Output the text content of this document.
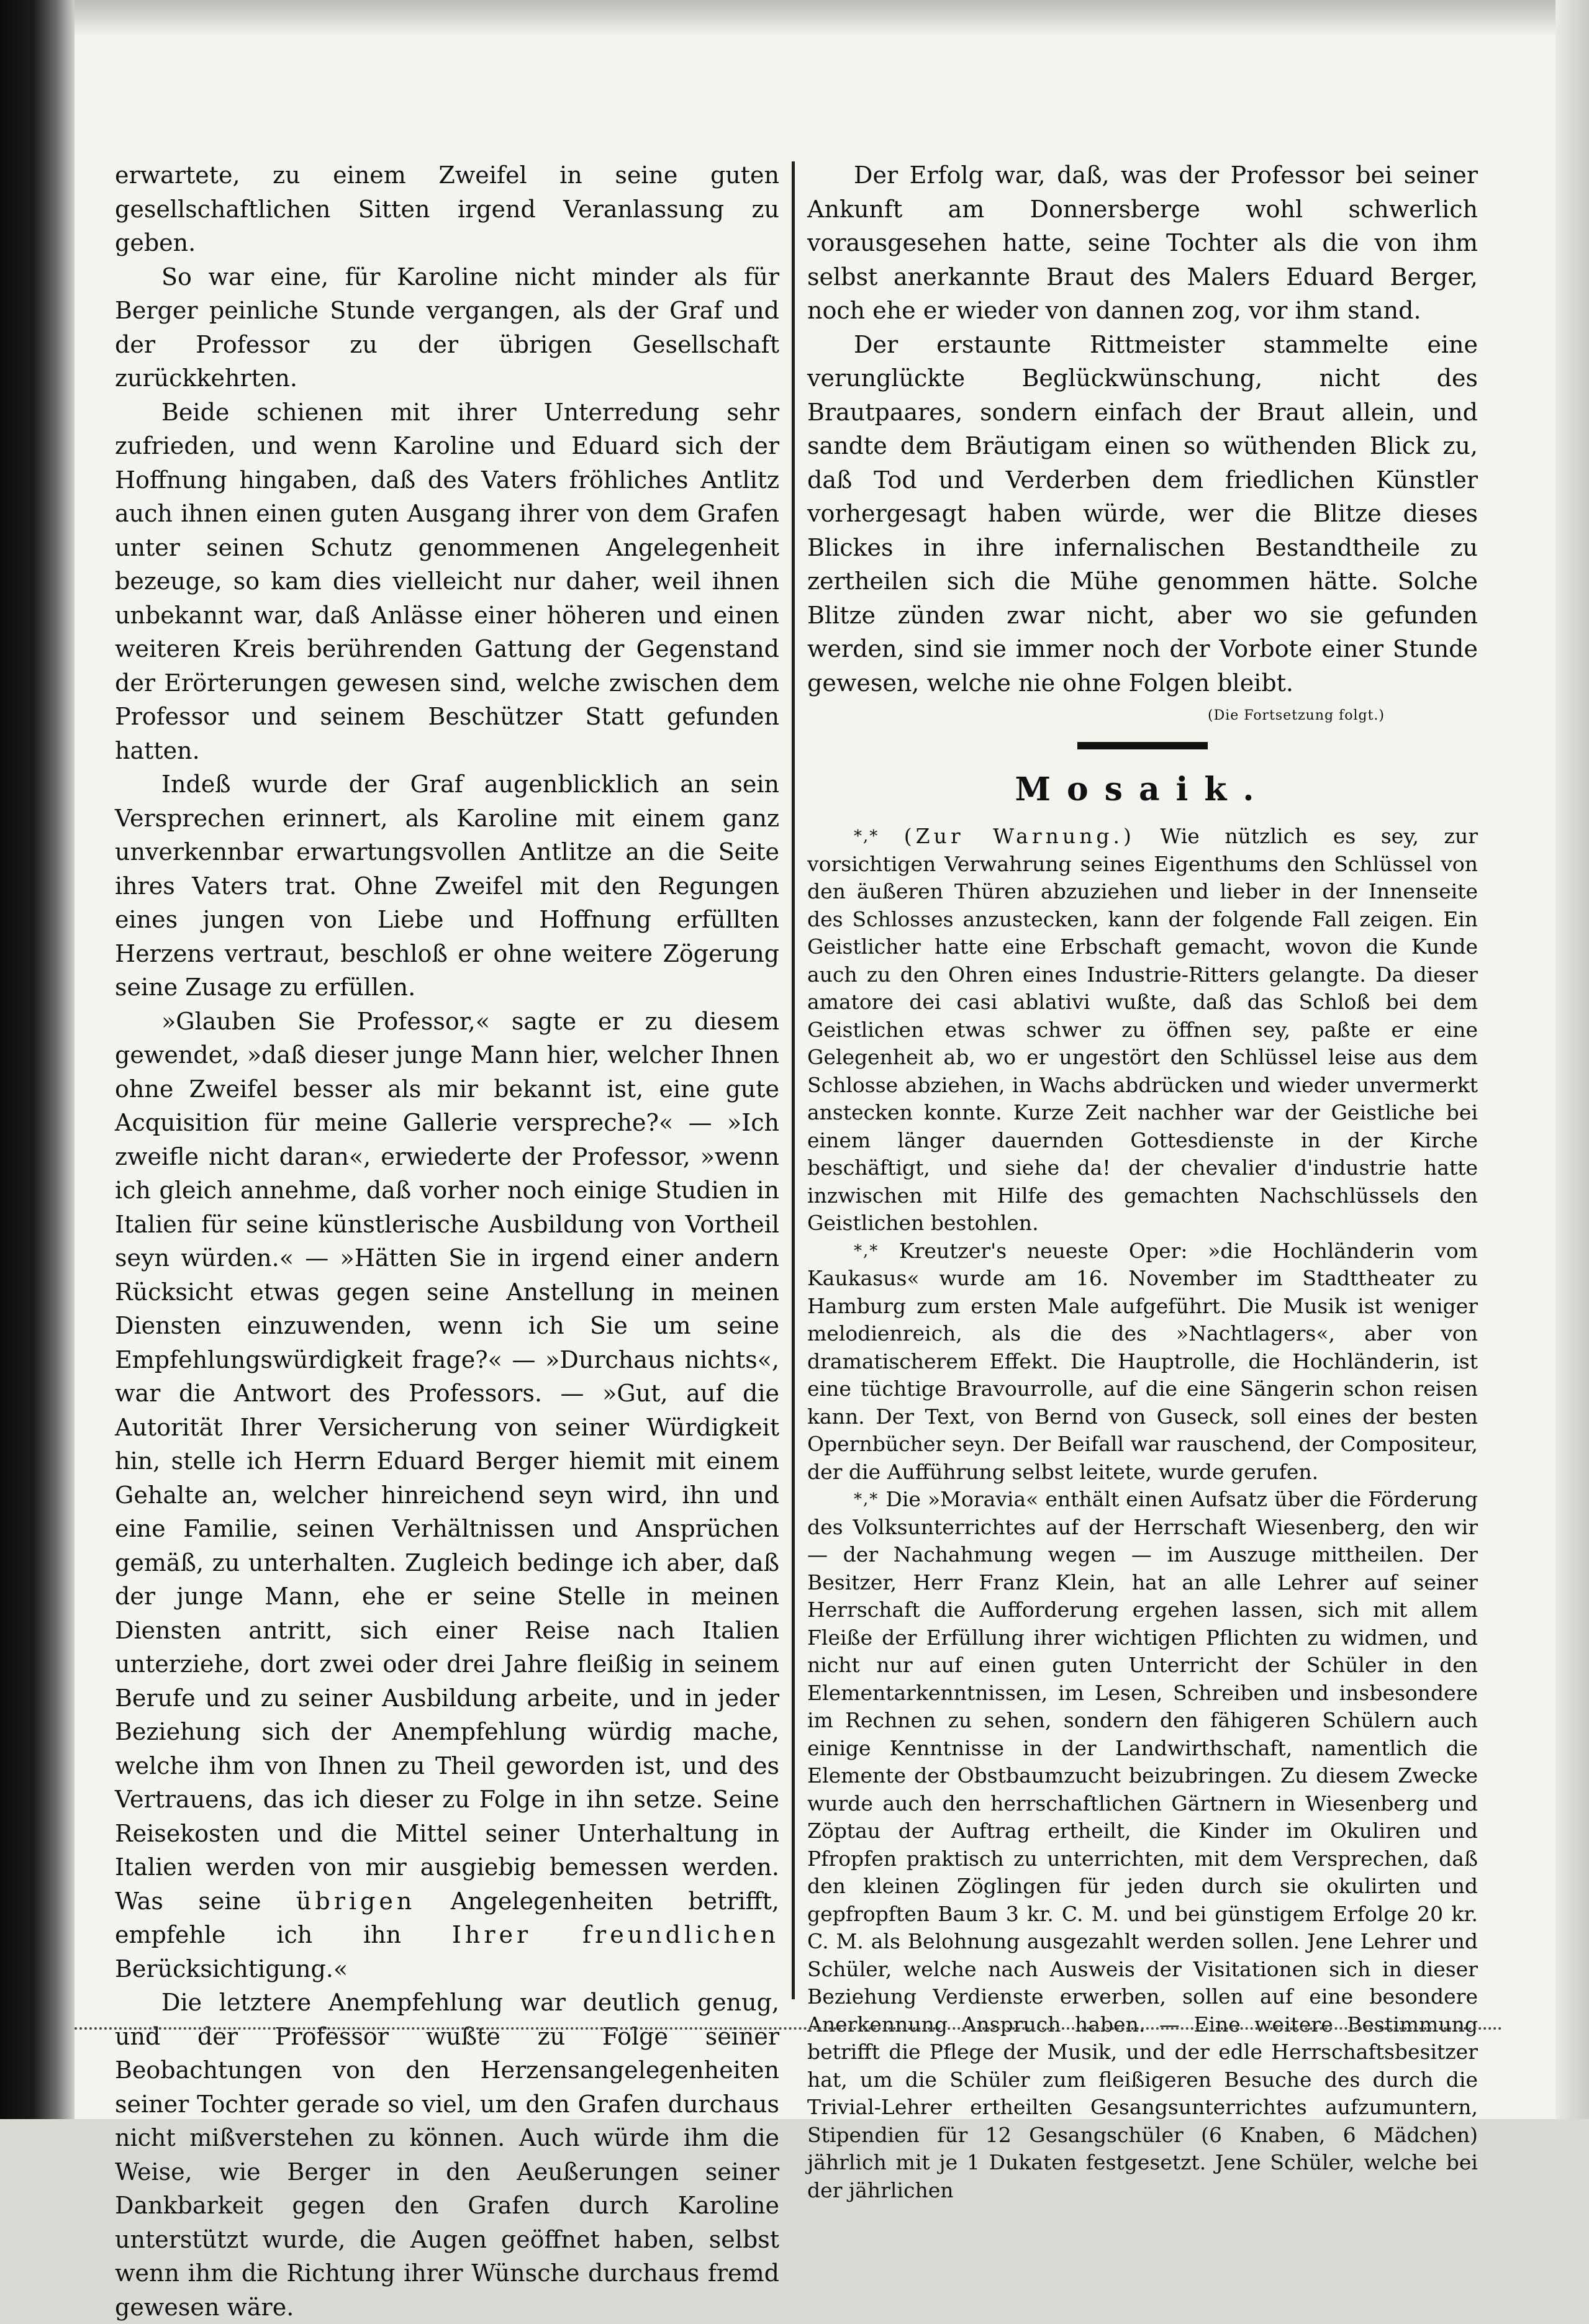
erwartete, zu einem Zweifel in seine guten gesellschaftlichen Sitten irgend Veranlassung zu geben.

So war eine, für Karoline nicht minder als für Berger peinliche Stunde vergangen, als der Graf und der Professor zu der übrigen Gesellschaft zurückkehrten.

Beide schienen mit ihrer Unterredung sehr zufrieden, und wenn Karoline und Eduard sich der Hoffnung hingaben, daß des Vaters fröhliches Antlitz auch ihnen einen guten Ausgang ihrer von dem Grafen unter seinen Schutz genommenen Angelegenheit bezeuge, so kam dies vielleicht nur daher, weil ihnen unbekannt war, daß Anlässe einer höheren und einen weiteren Kreis berührenden Gattung der Gegenstand der Erörterungen gewesen sind, welche zwischen dem Professor und seinem Beschützer Statt gefunden hatten.

Indeß wurde der Graf augenblicklich an sein Versprechen erinnert, als Karoline mit einem ganz unverkennbar erwartungsvollen Antlitze an die Seite ihres Vaters trat. Ohne Zweifel mit den Regungen eines jungen von Liebe und Hoffnung erfüllten Herzens vertraut, beschloß er ohne weitere Zögerung seine Zusage zu erfüllen.

»Glauben Sie Professor,« sagte er zu diesem gewendet, »daß dieser junge Mann hier, welcher Ihnen ohne Zweifel besser als mir bekannt ist, eine gute Acquisition für meine Gallerie verspreche?« — »Ich zweifle nicht daran«, erwiederte der Professor, »wenn ich gleich annehme, daß vorher noch einige Studien in Italien für seine künstlerische Ausbildung von Vortheil seyn würden.« — »Hätten Sie in irgend einer andern Rücksicht etwas gegen seine Anstellung in meinen Diensten einzuwenden, wenn ich Sie um seine Empfehlungswürdigkeit frage?« — »Durchaus nichts«, war die Antwort des Professors. — »Gut, auf die Autorität Ihrer Versicherung von seiner Würdigkeit hin, stelle ich Herrn Eduard Berger hiemit mit einem Gehalte an, welcher hinreichend seyn wird, ihn und eine Familie, seinen Verhältnissen und Ansprüchen gemäß, zu unterhalten. Zugleich bedinge ich aber, daß der junge Mann, ehe er seine Stelle in meinen Diensten antritt, sich einer Reise nach Italien unterziehe, dort zwei oder drei Jahre fleißig in seinem Berufe und zu seiner Ausbildung arbeite, und in jeder Beziehung sich der Anempfehlung würdig mache, welche ihm von Ihnen zu Theil geworden ist, und des Vertrauens, das ich dieser zu Folge in ihn setze. Seine Reisekosten und die Mittel seiner Unterhaltung in Italien werden von mir ausgiebig bemessen werden. Was seine übrigen Angelegenheiten betrifft, empfehle ich ihn Ihrer freundlichen Berücksichtigung.«

Die letztere Anempfehlung war deutlich genug, und der Professor wußte zu Folge seiner Beobachtungen von den Herzensangelegenheiten seiner Tochter gerade so viel, um den Grafen durchaus nicht mißverstehen zu können. Auch würde ihm die Weise, wie Berger in den Aeußerungen seiner Dankbarkeit gegen den Grafen durch Karoline unterstützt wurde, die Augen geöffnet haben, selbst wenn ihm die Richtung ihrer Wünsche durchaus fremd gewesen wäre.

Der Erfolg war, daß, was der Professor bei seiner Ankunft am Donnersberge wohl schwerlich vorausgesehen hatte, seine Tochter als die von ihm selbst anerkannte Braut des Malers Eduard Berger, noch ehe er wieder von dannen zog, vor ihm stand.

Der erstaunte Rittmeister stammelte eine verunglückte Beglückwünschung, nicht des Brautpaares, sondern einfach der Braut allein, und sandte dem Bräutigam einen so wüthenden Blick zu, daß Tod und Verderben dem friedlichen Künstler vorhergesagt haben würde, wer die Blitze dieses Blickes in ihre infernalischen Bestandtheile zu zertheilen sich die Mühe genommen hätte. Solche Blitze zünden zwar nicht, aber wo sie gefunden werden, sind sie immer noch der Vorbote einer Stunde gewesen, welche nie ohne Folgen bleibt.

(Die Fortsetzung folgt.)
Mosaik.

*,* (Zur Warnung.) Wie nützlich es sey, zur vorsichtigen Verwahrung seines Eigenthums den Schlüssel von den äußeren Thüren abzuziehen und lieber in der Innenseite des Schlosses anzustecken, kann der folgende Fall zeigen. Ein Geistlicher hatte eine Erbschaft gemacht, wovon die Kunde auch zu den Ohren eines Industrie-Ritters gelangte. Da dieser amatore dei casi ablativi wußte, daß das Schloß bei dem Geistlichen etwas schwer zu öffnen sey, paßte er eine Gelegenheit ab, wo er ungestört den Schlüssel leise aus dem Schlosse abziehen, in Wachs abdrücken und wieder unvermerkt anstecken konnte. Kurze Zeit nachher war der Geistliche bei einem länger dauernden Gottesdienste in der Kirche beschäftigt, und siehe da! der chevalier d'industrie hatte inzwischen mit Hilfe des gemachten Nachschlüssels den Geistlichen bestohlen.

*,* Kreutzer's neueste Oper: »die Hochländerin vom Kaukasus« wurde am 16. November im Stadttheater zu Hamburg zum ersten Male aufgeführt. Die Musik ist weniger melodienreich, als die des »Nachtlagers«, aber von dramatischerem Effekt. Die Hauptrolle, die Hochländerin, ist eine tüchtige Bravourrolle, auf die eine Sängerin schon reisen kann. Der Text, von Bernd von Guseck, soll eines der besten Opernbücher seyn. Der Beifall war rauschend, der Compositeur, der die Aufführung selbst leitete, wurde gerufen.

*,* Die »Moravia« enthält einen Aufsatz über die Förderung des Volksunterrichtes auf der Herrschaft Wiesenberg, den wir — der Nachahmung wegen — im Auszuge mittheilen. Der Besitzer, Herr Franz Klein, hat an alle Lehrer auf seiner Herrschaft die Aufforderung ergehen lassen, sich mit allem Fleiße der Erfüllung ihrer wichtigen Pflichten zu widmen, und nicht nur auf einen guten Unterricht der Schüler in den Elementarkenntnissen, im Lesen, Schreiben und insbesondere im Rechnen zu sehen, sondern den fähigeren Schülern auch einige Kenntnisse in der Landwirthschaft, namentlich die Elemente der Obstbaumzucht beizubringen. Zu diesem Zwecke wurde auch den herrschaftlichen Gärtnern in Wiesenberg und Zöptau der Auftrag ertheilt, die Kinder im Okuliren und Pfropfen praktisch zu unterrichten, mit dem Versprechen, daß den kleinen Zöglingen für jeden durch sie okulirten und gepfropften Baum 3 kr. C. M. und bei günstigem Erfolge 20 kr. C. M. als Belohnung ausgezahlt werden sollen. Jene Lehrer und Schüler, welche nach Ausweis der Visitationen sich in dieser Beziehung Verdienste erwerben, sollen auf eine besondere Anerkennung Anspruch haben. — Eine weitere Bestimmung betrifft die Pflege der Musik, und der edle Herrschaftsbesitzer hat, um die Schüler zum fleißigeren Besuche des durch die Trivial-Lehrer ertheilten Gesangsunterrichtes aufzumuntern, Stipendien für 12 Gesangschüler (6 Knaben, 6 Mädchen) jährlich mit je 1 Dukaten festgesetzt. Jene Schüler, welche bei der jährlichen
